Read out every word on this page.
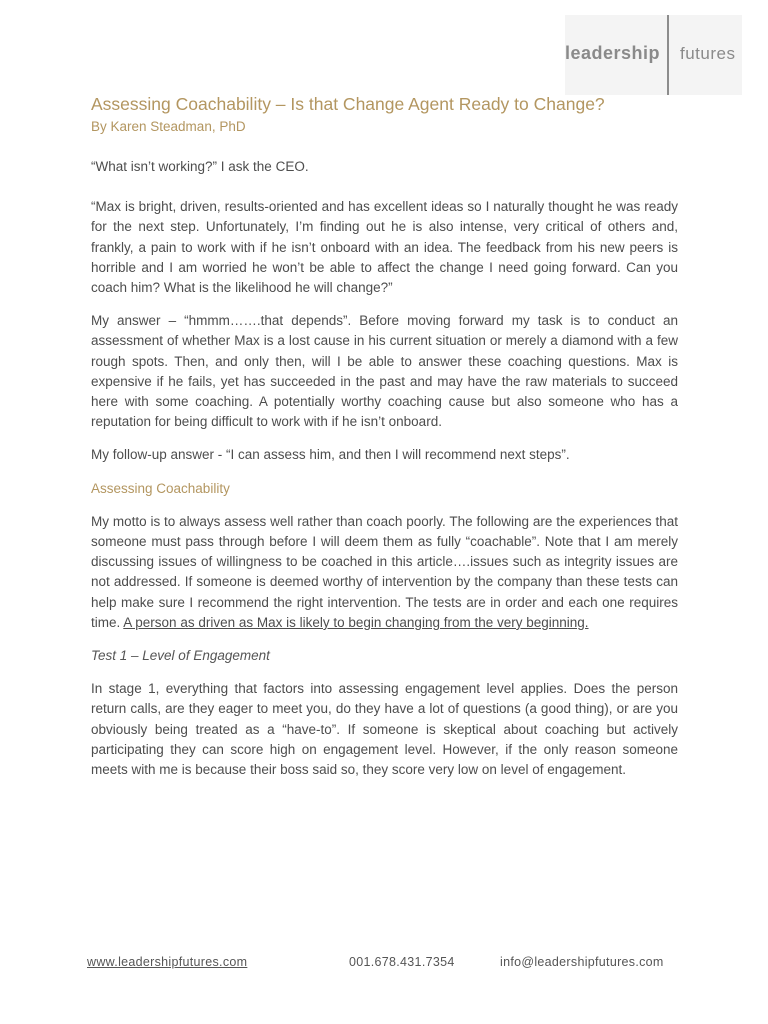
leadership futures
Assessing Coachability – Is that Change Agent Ready to Change?
By Karen Steadman, PhD

“What isn’t working?” I ask the CEO.

“Max is bright, driven, results-oriented and has excellent ideas so I naturally thought he was ready for the next step. Unfortunately, I’m finding out he is also intense, very critical of others and, frankly, a pain to work with if he isn’t onboard with an idea. The feedback from his new peers is horrible and I am worried he won’t be able to affect the change I need going forward. Can you coach him? What is the likelihood he will change?”

My answer – “hmmm…….that depends”. Before moving forward my task is to conduct an assessment of whether Max is a lost cause in his current situation or merely a diamond with a few rough spots. Then, and only then, will I be able to answer these coaching questions. Max is expensive if he fails, yet has succeeded in the past and may have the raw materials to succeed here with some coaching. A potentially worthy coaching cause but also someone who has a reputation for being difficult to work with if he isn’t onboard.

My follow-up answer - “I can assess him, and then I will recommend next steps”.

Assessing Coachability

My motto is to always assess well rather than coach poorly. The following are the experiences that someone must pass through before I will deem them as fully “coachable”. Note that I am merely discussing issues of willingness to be coached in this article….issues such as integrity issues are not addressed. If someone is deemed worthy of intervention by the company than these tests can help make sure I recommend the right intervention. The tests are in order and each one requires time. A person as driven as Max is likely to begin changing from the very beginning.

Test 1 – Level of Engagement

In stage 1, everything that factors into assessing engagement level applies. Does the person return calls, are they eager to meet you, do they have a lot of questions (a good thing), or are you obviously being treated as a “have-to”. If someone is skeptical about coaching but actively participating they can score high on engagement level. However, if the only reason someone meets with me is because their boss said so, they score very low on level of engagement.

www.leadershipfutures.com	001.678.431.7354	info@leadershipfutures.com
